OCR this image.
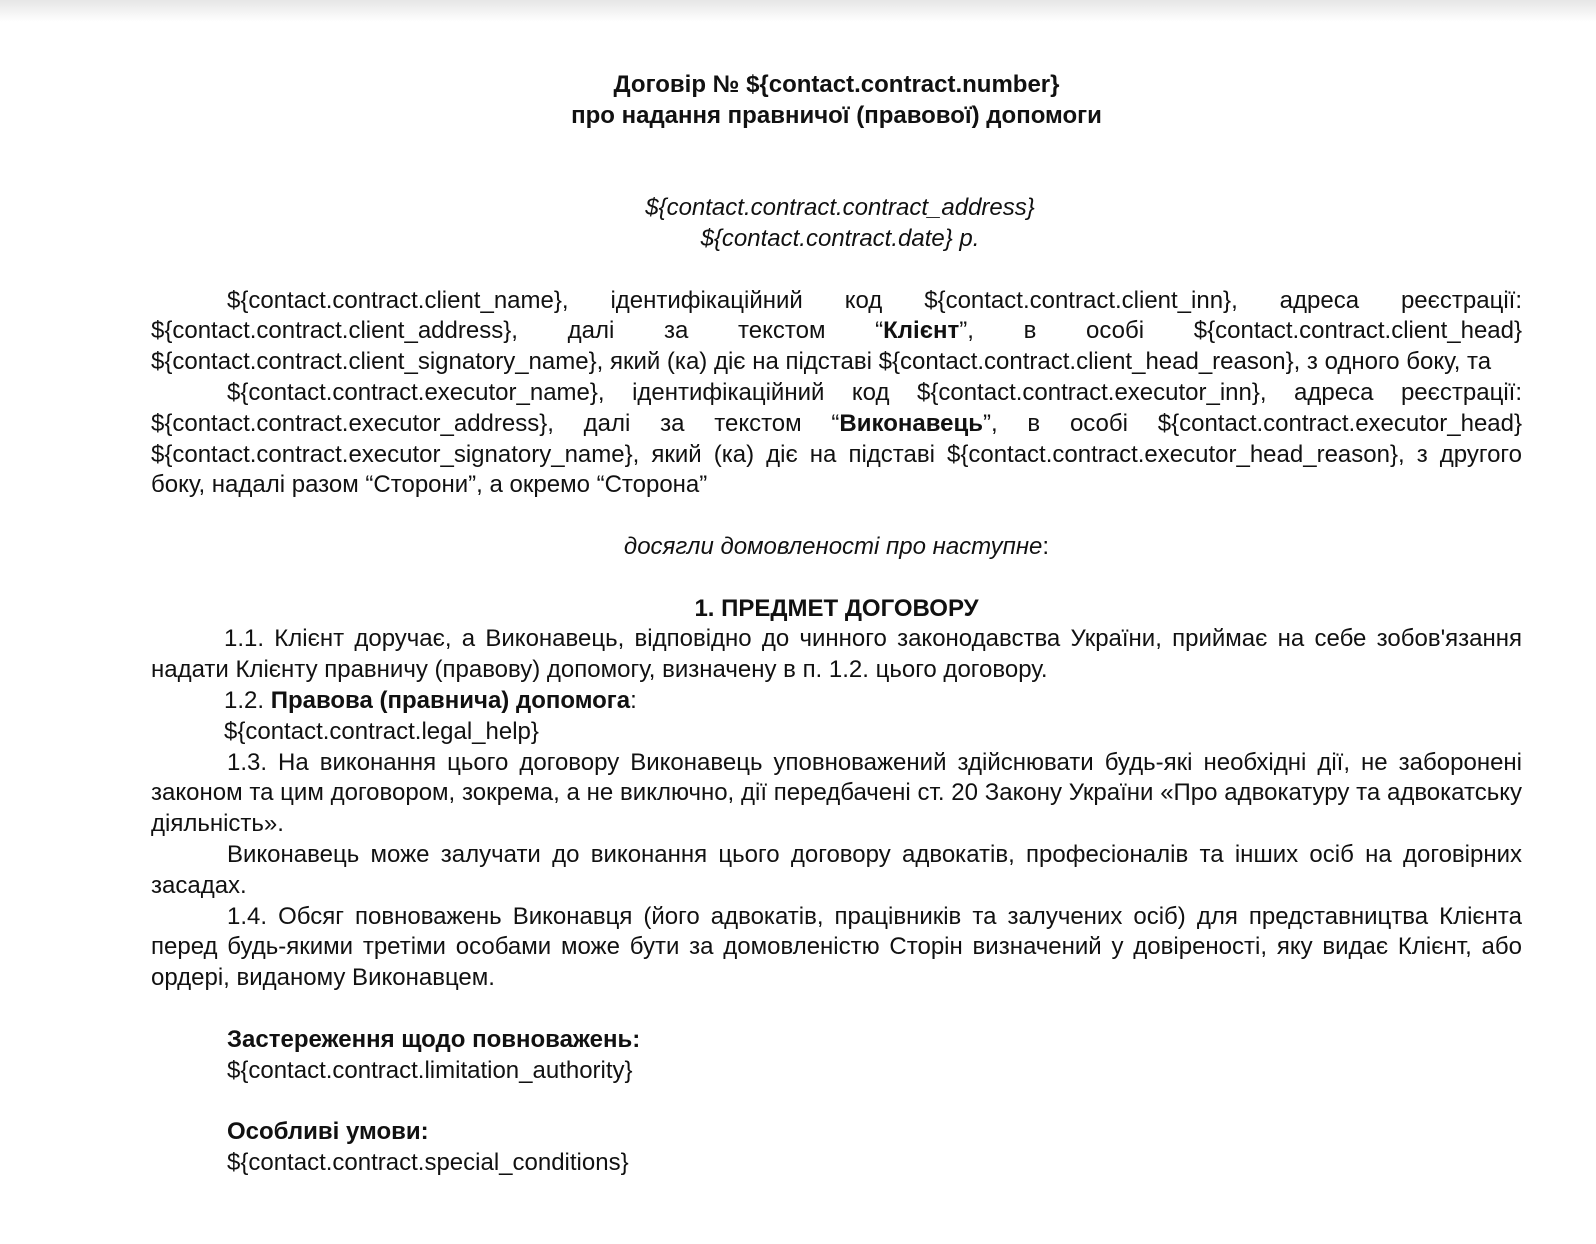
Договір № ${contact.contract.number}
про надання правничої (правової) допомоги
${contact.contract.contract_address}
${contact.contract.date} р.

${contact.contract.client_name}, ідентифікаційний код ${contact.contract.client_inn}, адреса реєстрації: ${contact.contract.client_address}, далі за текстом “Клієнт”, в особі ${contact.contract.client_head} ${contact.contract.client_signatory_name}, який (ка) діє на підставі ${contact.contract.client_head_reason}, з одного боку, та

${contact.contract.executor_name}, ідентифікаційний код ${contact.contract.executor_inn}, адреса реєстрації: ${contact.contract.executor_address}, далі за текстом “Виконавець”, в особі ${contact.contract.executor_head} ${contact.contract.executor_signatory_name}, який (ка) діє на підставі ${contact.contract.executor_head_reason}, з другого боку, надалі разом “Сторони”, а окремо “Сторона”

досягли домовленості про наступне:
1. ПРЕДМЕТ ДОГОВОРУ

1.1. Клієнт доручає, а Виконавець, відповідно до чинного законодавства України, приймає на себе зобов'язання надати Клієнту правничу (правову) допомогу, визначену в п. 1.2. цього договору.

1.2. Правова (правнича) допомога:
${contact.contract.legal_help}

1.3. На виконання цього договору Виконавець уповноважений здійснювати будь-які необхідні дії, не заборонені законом та цим договором, зокрема, а не виключно, дії передбачені ст. 20 Закону України «Про адвокатуру та адвокатську діяльність».

Виконавець може залучати до виконання цього договору адвокатів, професіоналів та інших осіб на договірних засадах.

1.4. Обсяг повноважень Виконавця (його адвокатів, працівників та залучених осіб) для представництва Клієнта перед будь-якими третіми особами може бути за домовленістю Сторін визначений у довіреності, яку видає Клієнт, або ордері, виданому Виконавцем.

Застереження щодо повноважень:
${contact.contract.limitation_authority}
Особливі умови:
${contact.contract.special_conditions}
